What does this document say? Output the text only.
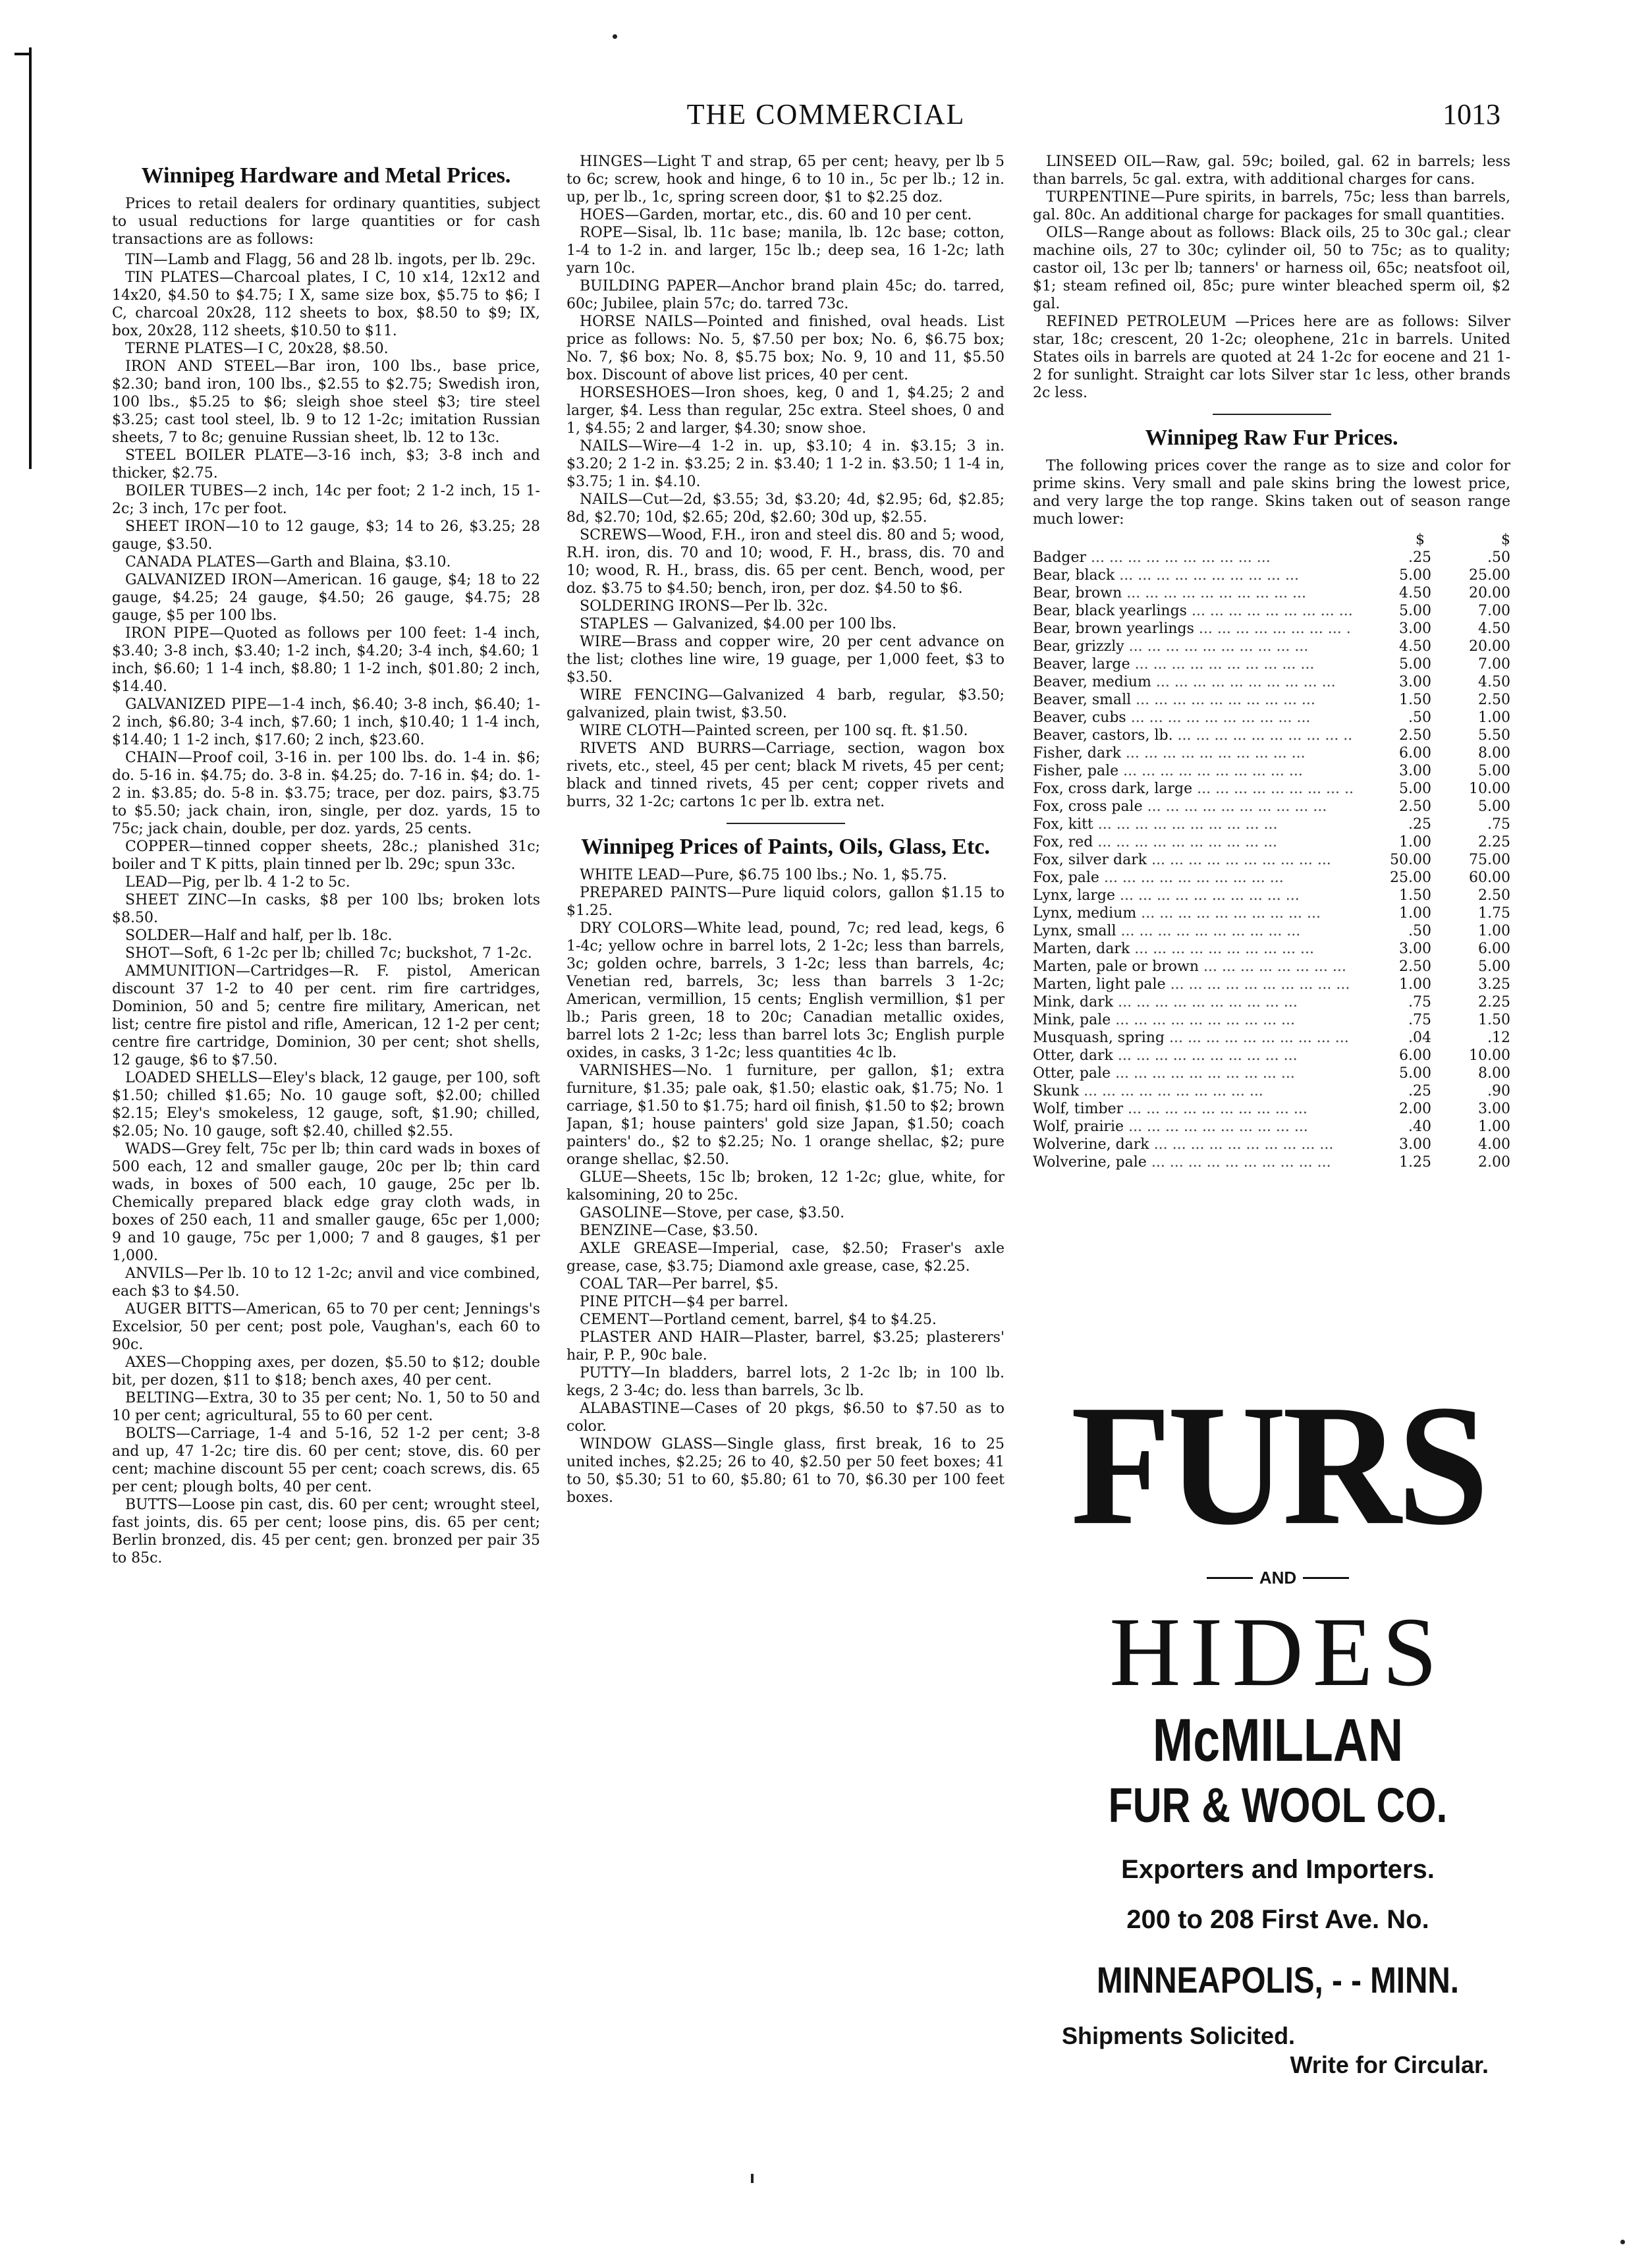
THE COMMERCIAL	1013
Winnipeg Hardware and Metal Prices.

Prices to retail dealers for ordinary quantities, subject to usual reductions for large quantities or for cash transactions are as follows:

TIN—Lamb and Flagg, 56 and 28 lb. ingots, per lb. 29c.

TIN PLATES—Charcoal plates, I C, 10 x14, 12x12 and 14x20, $4.50 to $4.75; I X, same size box, $5.75 to $6; I C, charcoal 20x28, 112 sheets to box, $8.50 to $9; IX, box, 20x28, 112 sheets, $10.50 to $11.

TERNE PLATES—I C, 20x28, $8.50.

IRON AND STEEL—Bar iron, 100 lbs., base price, $2.30; band iron, 100 lbs., $2.55 to $2.75; Swedish iron, 100 lbs., $5.25 to $6; sleigh shoe steel $3; tire steel $3.25; cast tool steel, lb. 9 to 12 1-2c; imitation Russian sheets, 7 to 8c; genuine Russian sheet, lb. 12 to 13c.

STEEL BOILER PLATE—3-16 inch, $3; 3-8 inch and thicker, $2.75.

BOILER TUBES—2 inch, 14c per foot; 2 1-2 inch, 15 1-2c; 3 inch, 17c per foot.

SHEET IRON—10 to 12 gauge, $3; 14 to 26, $3.25; 28 gauge, $3.50.

CANADA PLATES—Garth and Blaina, $3.10.

GALVANIZED IRON—American. 16 gauge, $4; 18 to 22 gauge, $4.25; 24 gauge, $4.50; 26 gauge, $4.75; 28 gauge, $5 per 100 lbs.

IRON PIPE—Quoted as follows per 100 feet: 1-4 inch, $3.40; 3-8 inch, $3.40; 1-2 inch, $4.20; 3-4 inch, $4.60; 1 inch, $6.60; 1 1-4 inch, $8.80; 1 1-2 inch, $01.80; 2 inch, $14.40.

GALVANIZED PIPE—1-4 inch, $6.40; 3-8 inch, $6.40; 1-2 inch, $6.80; 3-4 inch, $7.60; 1 inch, $10.40; 1 1-4 inch, $14.40; 1 1-2 inch, $17.60; 2 inch, $23.60.

CHAIN—Proof coil, 3-16 in. per 100 lbs. do. 1-4 in. $6; do. 5-16 in. $4.75; do. 3-8 in. $4.25; do. 7-16 in. $4; do. 1-2 in. $3.85; do. 5-8 in. $3.75; trace, per doz. pairs, $3.75 to $5.50; jack chain, iron, single, per doz. yards, 15 to 75c; jack chain, double, per doz. yards, 25 cents.

COPPER—tinned copper sheets, 28c.; planished 31c; boiler and T K pitts, plain tinned per lb. 29c; spun 33c.

LEAD—Pig, per lb. 4 1-2 to 5c.

SHEET ZINC—In casks, $8 per 100 lbs; broken lots $8.50.

SOLDER—Half and half, per lb. 18c.

SHOT—Soft, 6 1-2c per lb; chilled 7c; buckshot, 7 1-2c.

AMMUNITION—Cartridges—R. F. pistol, American discount 37 1-2 to 40 per cent. rim fire cartridges, Dominion, 50 and 5; centre fire military, American, net list; centre fire pistol and rifle, American, 12 1-2 per cent; centre fire cartridge, Dominion, 30 per cent; shot shells, 12 gauge, $6 to $7.50.

LOADED SHELLS—Eley's black, 12 gauge, per 100, soft $1.50; chilled $1.65; No. 10 gauge soft, $2.00; chilled $2.15; Eley's smokeless, 12 gauge, soft, $1.90; chilled, $2.05; No. 10 gauge, soft $2.40, chilled $2.55.

WADS—Grey felt, 75c per lb; thin card wads in boxes of 500 each, 12 and smaller gauge, 20c per lb; thin card wads, in boxes of 500 each, 10 gauge, 25c per lb. Chemically prepared black edge gray cloth wads, in boxes of 250 each, 11 and smaller gauge, 65c per 1,000; 9 and 10 gauge, 75c per 1,000; 7 and 8 gauges, $1 per 1,000.

ANVILS—Per lb. 10 to 12 1-2c; anvil and vice combined, each $3 to $4.50.

AUGER BITTS—American, 65 to 70 per cent; Jennings's Excelsior, 50 per cent; post pole, Vaughan's, each 60 to 90c.

AXES—Chopping axes, per dozen, $5.50 to $12; double bit, per dozen, $11 to $18; bench axes, 40 per cent.

BELTING—Extra, 30 to 35 per cent; No. 1, 50 to 50 and 10 per cent; agricultural, 55 to 60 per cent.

BOLTS—Carriage, 1-4 and 5-16, 52 1-2 per cent; 3-8 and up, 47 1-2c; tire dis. 60 per cent; stove, dis. 60 per cent; machine discount 55 per cent; coach screws, dis. 65 per cent; plough bolts, 40 per cent.

BUTTS—Loose pin cast, dis. 60 per cent; wrought steel, fast joints, dis. 65 per cent; loose pins, dis. 65 per cent; Berlin bronzed, dis. 45 per cent; gen. bronzed per pair 35 to 85c.

HINGES—Light T and strap, 65 per cent; heavy, per lb 5 to 6c; screw, hook and hinge, 6 to 10 in., 5c per lb.; 12 in. up, per lb., 1c, spring screen door, $1 to $2.25 doz.

HOES—Garden, mortar, etc., dis. 60 and 10 per cent.

ROPE—Sisal, lb. 11c base; manila, lb. 12c base; cotton, 1-4 to 1-2 in. and larger, 15c lb.; deep sea, 16 1-2c; lath yarn 10c.

BUILDING PAPER—Anchor brand plain 45c; do. tarred, 60c; Jubilee, plain 57c; do. tarred 73c.

HORSE NAILS—Pointed and finished, oval heads. List price as follows: No. 5, $7.50 per box; No. 6, $6.75 box; No. 7, $6 box; No. 8, $5.75 box; No. 9, 10 and 11, $5.50 box. Discount of above list prices, 40 per cent.

HORSESHOES—Iron shoes, keg, 0 and 1, $4.25; 2 and larger, $4. Less than regular, 25c extra. Steel shoes, 0 and 1, $4.55; 2 and larger, $4.30; snow shoe.

NAILS—Wire—4 1-2 in. up, $3.10; 4 in. $3.15; 3 in. $3.20; 2 1-2 in. $3.25; 2 in. $3.40; 1 1-2 in. $3.50; 1 1-4 in, $3.75; 1 in. $4.10.

NAILS—Cut—2d, $3.55; 3d, $3.20; 4d, $2.95; 6d, $2.85; 8d, $2.70; 10d, $2.65; 20d, $2.60; 30d up, $2.55.

SCREWS—Wood, F.H., iron and steel dis. 80 and 5; wood, R.H. iron, dis. 70 and 10; wood, F. H., brass, dis. 70 and 10; wood, R. H., brass, dis. 65 per cent. Bench, wood, per doz. $3.75 to $4.50; bench, iron, per doz. $4.50 to $6.

SOLDERING IRONS—Per lb. 32c.

STAPLES — Galvanized, $4.00 per 100 lbs.

WIRE—Brass and copper wire, 20 per cent advance on the list; clothes line wire, 19 guage, per 1,000 feet, $3 to $3.50.

WIRE FENCING—Galvanized 4 barb, regular, $3.50; galvanized, plain twist, $3.50.

WIRE CLOTH—Painted screen, per 100 sq. ft. $1.50.

RIVETS AND BURRS—Carriage, section, wagon box rivets, etc., steel, 45 per cent; black M rivets, 45 per cent; black and tinned rivets, 45 per cent; copper rivets and burrs, 32 1-2c; cartons 1c per lb. extra net.

Winnipeg Prices of Paints, Oils, Glass, Etc.

WHITE LEAD—Pure, $6.75 100 lbs.; No. 1, $5.75.

PREPARED PAINTS—Pure liquid colors, gallon $1.15 to $1.25.

DRY COLORS—White lead, pound, 7c; red lead, kegs, 6 1-4c; yellow ochre in barrel lots, 2 1-2c; less than barrels, 3c; golden ochre, barrels, 3 1-2c; less than barrels, 4c; Venetian red, barrels, 3c; less than barrels 3 1-2c; American, vermillion, 15 cents; English vermillion, $1 per lb.; Paris green, 18 to 20c; Canadian metallic oxides, barrel lots 2 1-2c; less than barrel lots 3c; English purple oxides, in casks, 3 1-2c; less quantities 4c lb.

VARNISHES—No. 1 furniture, per gallon, $1; extra furniture, $1.35; pale oak, $1.50; elastic oak, $1.75; No. 1 carriage, $1.50 to $1.75; hard oil finish, $1.50 to $2; brown Japan, $1; house painters' gold size Japan, $1.50; coach painters' do., $2 to $2.25; No. 1 orange shellac, $2; pure orange shellac, $2.50.

GLUE—Sheets, 15c lb; broken, 12 1-2c; glue, white, for kalsomining, 20 to 25c.

GASOLINE—Stove, per case, $3.50.

BENZINE—Case, $3.50.

AXLE GREASE—Imperial, case, $2.50; Fraser's axle grease, case, $3.75; Diamond axle grease, case, $2.25.

COAL TAR—Per barrel, $5.

PINE PITCH—$4 per barrel.

CEMENT—Portland cement, barrel, $4 to $4.25.

PLASTER AND HAIR—Plaster, barrel, $3.25; plasterers' hair, P. P., 90c bale.

PUTTY—In bladders, barrel lots, 2 1-2c lb; in 100 lb. kegs, 2 3-4c; do. less than barrels, 3c lb.

ALABASTINE—Cases of 20 pkgs, $6.50 to $7.50 as to color.

WINDOW GLASS—Single glass, first break, 16 to 25 united inches, $2.25; 26 to 40, $2.50 per 50 feet boxes; 41 to 50, $5.30; 51 to 60, $5.80; 61 to 70, $6.30 per 100 feet boxes.

LINSEED OIL—Raw, gal. 59c; boiled, gal. 62 in barrels; less than barrels, 5c gal. extra, with additional charges for cans.

TURPENTINE—Pure spirits, in barrels, 75c; less than barrels, gal. 80c. An additional charge for packages for small quantities.

OILS—Range about as follows: Black oils, 25 to 30c gal.; clear machine oils, 27 to 30c; cylinder oil, 50 to 75c; as to quality; castor oil, 13c per lb; tanners' or harness oil, 65c; neatsfoot oil, $1; steam refined oil, 85c; pure winter bleached sperm oil, $2 gal.

REFINED PETROLEUM —Prices here are as follows: Silver star, 18c; crescent, 20 1-2c; oleophene, 21c in barrels. United States oils in barrels are quoted at 24 1-2c for eocene and 21 1-2 for sunlight. Straight car lots Silver star 1c less, other brands 2c less.

Winnipeg Raw Fur Prices.

The following prices cover the range as to size and color for prime skins. Very small and pale skins bring the lowest price, and very large the top range. Skins taken out of season range much lower:

$	$
Badger ... .	.25	.50
Bear, black ... .	5.00	25.00
Bear, brown ... .	4.50	20.00
Bear, black yearlings ... .	5.00	7.00
Bear, brown yearlings ... .	3.00	4.50
Bear, grizzly ... .	4.50	20.00
Beaver, large ... .	5.00	7.00
Beaver, medium ... .	3.00	4.50
Beaver, small ... .	1.50	2.50
Beaver, cubs ... .	.50	1.00
Beaver, castors, lb. ... .	2.50	5.50
Fisher, dark ... .	6.00	8.00
Fisher, pale ... .	3.00	5.00
Fox, cross dark, large ... .	5.00	10.00
Fox, cross pale ... .	2.50	5.00
Fox, kitt ... .	.25	.75
Fox, red ... .	1.00	2.25
Fox, silver dark ... .	50.00	75.00
Fox, pale ... .	25.00	60.00
Lynx, large ... .	1.50	2.50
Lynx, medium ... .	1.00	1.75
Lynx, small ... .	.50	1.00
Marten, dark ... .	3.00	6.00
Marten, pale or brown ... .	2.50	5.00
Marten, light pale ... .	1.00	3.25
Mink, dark ... .	.75	2.25
Mink, pale ... .	.75	1.50
Musquash, spring ... .	.04	.12
Otter, dark ... .	6.00	10.00
Otter, pale ... .	5.00	8.00
Skunk ... .	.25	.90
Wolf, timber ... .	2.00	3.00
Wolf, prairie ... .	.40	1.00
Wolverine, dark ... .	3.00	4.00
Wolverine, pale ... .	1.25	2.00
FURS
AND
HIDES
McMILLAN
FUR & WOOL CO.
Exporters and Importers.
200 to 208 First Ave. No.
MINNEAPOLIS, - - MINN.
Shipments Solicited.
Write for Circular.
